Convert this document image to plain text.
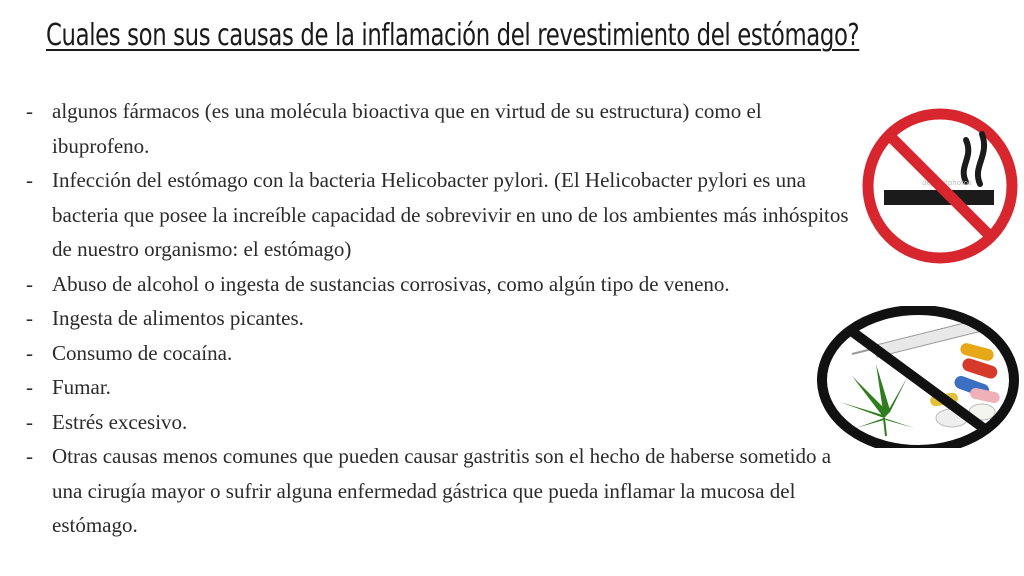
Cuales son sus causas de la inflamación del revestimiento del estómago?
- algunos fármacos (es una molécula bioactiva que en virtud de su estructura) como el ibuprofeno.
- Infección del estómago con la bacteria Helicobacter pylori. (El Helicobacter pylori es una bacteria que posee la increíble capacidad de sobrevivir en uno de los ambientes más inhóspitos de nuestro organismo: el estómago)
- Abuso de alcohol o ingesta de sustancias corrosivas, como algún tipo de veneno.
- Ingesta de alimentos picantes.
- Consumo de cocaína.
- Fumar.
- Estrés excesivo.
- Otras causas menos comunes que pueden causar gastritis son el hecho de haberse sometido a una cirugía mayor o sufrir alguna enfermedad gástrica que pueda inflamar la mucosa del estómago.
depositphotos
